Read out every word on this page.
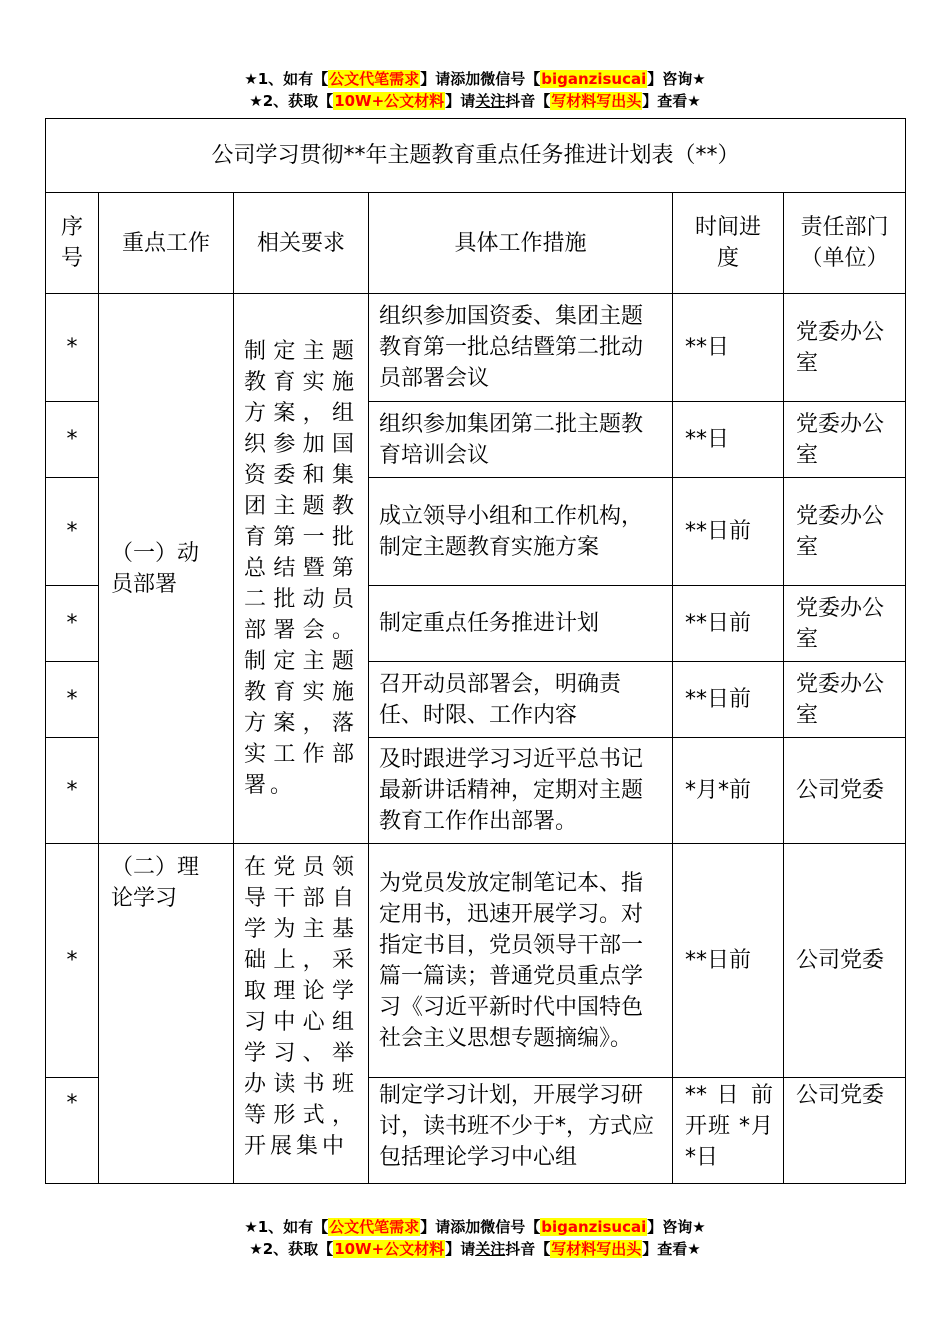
★1、如有【公文代笔需求】请添加微信号【biganzisucai】咨询★
★2、获取【10W+公文材料】请关注抖音【写材料写出头】查看★
公司学习贯彻**年主题教育重点任务推进计划表（**）					
序号	重点工作	相关要求	具体工作措施	时间进度	责任部门（单位）
*	（一）动员部署	制定主题教育实施方案，组织参加国资委和集团主题教育第一批总结暨第二批动员部署会。制定主题教育实施方案，落实工作部署。	组织参加国资委、集团主题教育第一批总结暨第二批动员部署会议	**日	党委办公室
*			组织参加集团第二批主题教育培训会议	**日	党委办公室
*			成立领导小组和工作机构，制定主题教育实施方案	**日前	党委办公室
*			制定重点任务推进计划	**日前	党委办公室
*			召开动员部署会，明确责任、时限、工作内容	**日前	党委办公室
*			及时跟进学习习近平总书记最新讲话精神，定期对主题教育工作作出部署。	*月*前	公司党委
*	（二）理论学习	在党员领导干部自学为主基础上，采取理论学习中心组学习、举办读书班等形式，开展集中	为党员发放定制笔记本、指定用书，迅速开展学习。对指定书目，党员领导干部一篇一篇读；普通党员重点学习《习近平新时代中国特色社会主义思想专题摘编》。	**日前	公司党委
*			制定学习计划，开展学习研讨，读书班不少于*，方式应包括理论学习中心组	** 日 前 开班 *月*日	公司党委
★1、如有【公文代笔需求】请添加微信号【biganzisucai】咨询★
★2、获取【10W+公文材料】请关注抖音【写材料写出头】查看★
